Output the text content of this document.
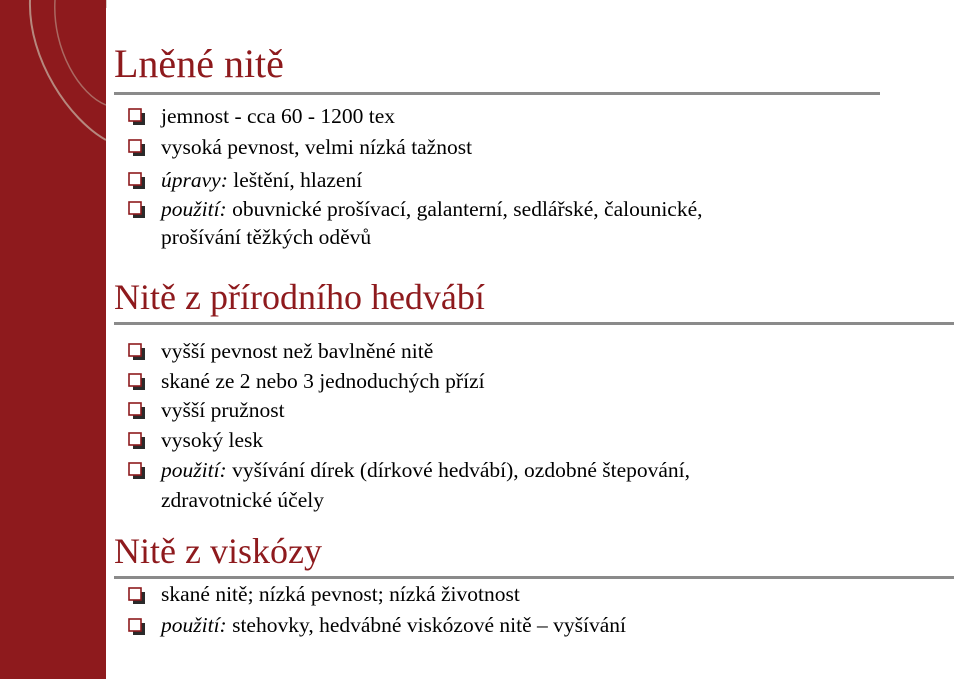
Lněné nitě
jemnost - cca 60 - 1200 tex
vysoká pevnost, velmi nízká tažnost
úpravy: leštění, hlazení
použití: obuvnické prošívací, galanterní, sedlářské, čalounické,
prošívání těžkých oděvů
Nitě z přírodního hedvábí
vyšší pevnost než bavlněné nitě
skané ze 2 nebo 3 jednoduchých přízí
vyšší pružnost
vysoký lesk
použití: vyšívání dírek (dírkové hedvábí), ozdobné štepování,
zdravotnické účely
Nitě z viskózy
skané nitě; nízká pevnost; nízká životnost
použití: stehovky, hedvábné viskózové nitě – vyšívání
